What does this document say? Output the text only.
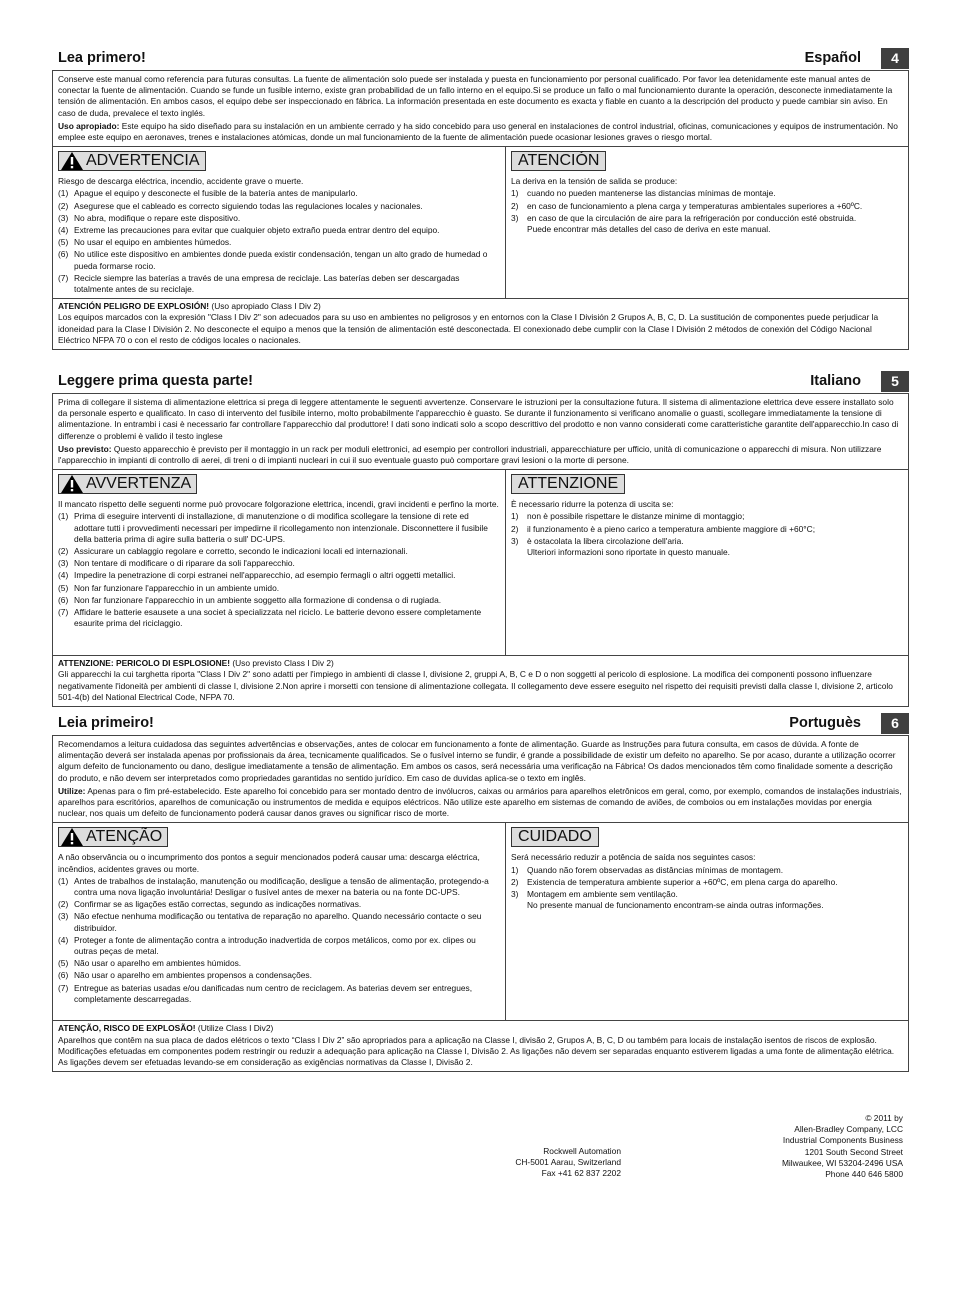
Lea primero!	Español	4

Conserve este manual como referencia para futuras consultas. La fuente de alimentación solo puede ser instalada y puesta en funcionamiento por personal cualificado. Por favor lea detenidamente este manual antes de conectar la fuente de alimentación. Cuando se funde un fusible interno, existe gran probabilidad de un fallo interno en el equipo.Si se produce un fallo o mal funcionamiento durante la operación, desconecte inmediatamente la tensión de alimentación. En ambos casos, el equipo debe ser inspeccionado en fábrica. La información presentada en este documento es exacta y fiable en cuanto a la descripción del producto y puede cambiar sin aviso. En caso de duda, prevalece el texto inglés.

Uso apropiado: Este equipo ha sido diseñado para su instalación en un ambiente cerrado y ha sido concebido para uso general en instalaciones de control industrial, oficinas, comunicaciones y equipos de instrumentación. No emplee este equipo en aeronaves, trenes e instalaciones atómicas, donde un mal funcionamiento de la fuente de alimentación puede ocasionar lesiones graves o riesgo mortal.

ADVERTENCIA

Riesgo de descarga eléctrica, incendio, accidente grave o muerte.

(1) Apague el equipo y desconecte el fusible de la batería antes de manipularlo.
(2) Asegurese que el cableado es correcto siguiendo todas las regulaciones locales y nacionales.
(3) No abra, modifique o repare este dispositivo.
(4) Extreme las precauciones para evitar que cualquier objeto extraño pueda entrar dentro del equipo.
(5) No usar el equipo en ambientes húmedos.
(6) No utilice este dispositivo en ambientes donde pueda existir condensación, tengan un alto grado de humedad o pueda formarse rocio.
(7) Recicle siempre las baterías a través de una empresa de reciclaje. Las baterías deben ser descargadas totalmente antes de su reciclaje.
ATENCIÓN

La deriva en la tensión de salida se produce:

1)	cuando no pueden mantenerse las distancias mínimas de montaje.
2)	en caso de funcionamiento a plena carga y temperaturas ambientales superiores a +60ºC.
3)	en caso de que la circulación de aire para la refrigeración por conducción esté obstruida.

Puede encontrar más detalles del caso de deriva en este manual.

ATENCIÓN PELIGRO DE EXPLOSIÓN! (Uso apropiado Class I Div 2)
Los equipos marcados con la expresión "Class I Div 2" son adecuados para su uso en ambientes no peligrosos y en entornos con la Clase I División 2 Grupos A, B, C, D. La sustitución de componentes puede perjudicar la idoneidad para la Clase I División 2. No desconecte el equipo a menos que la tensión de alimentación esté desconectada. El conexionado debe cumplir con la Clase I División 2 métodos de conexión del Código Nacional Eléctrico NFPA 70 o con el resto de códigos locales o nacionales.
Leggere prima questa parte!	Italiano	5

Prima di collegare il sistema di alimentazione elettrica si prega di leggere attentamente le seguenti avvertenze. Conservare le istruzioni per la consultazione futura. Il sistema di alimentazione elettrica deve essere installato solo da personale esperto e qualificato. In caso di intervento del fusibile interno, molto probabilmente l'apparecchio è guasto. Se durante il funzionamento si verificano anomalie o guasti, scollegare immediatamente la tensione di alimentazione. In entrambi i casi è necessario far controllare l'apparecchio dal produttore! I dati sono indicati solo a scopo descrittivo del prodotto e non vanno considerati come caratteristiche garantite dell'apparecchio.In caso di differenze o problemi è valido il testo inglese

Uso previsto: Questo apparecchio è previsto per il montaggio in un rack per moduli elettronici, ad esempio per controllori industriali, apparecchiature per ufficio, unità di comunicazione o apparecchi di misura. Non utilizzare l'apparecchio in impianti di controllo di aerei, di treni o di impianti nucleari in cui il suo eventuale guasto può comportare gravi lesioni o la morte di persone.

AVVERTENZA

Il mancato rispetto delle seguenti norme può provocare folgorazione elettrica, incendi, gravi incidenti e perfino la morte.

(1) Prima di eseguire interventi di installazione, di manutenzione o di modifica scollegare la tensione di rete ed adottare tutti i provvedimenti necessari per impedirne il ricollegamento non intenzionale. Disconnettere il fusibile della batteria prima di agire sulla batteria o sull' DC-UPS.
(2) Assicurare un cablaggio regolare e corretto, secondo le indicazioni locali ed internazionali.
(3) Non tentare di modificare o di riparare da soli l'apparecchio.
(4) Impedire la penetrazione di corpi estranei nell'apparecchio, ad esempio fermagli o altri oggetti metallici.
(5) Non far funzionare l'apparecchio in un ambiente umido.
(6) Non far funzionare l'apparecchio in un ambiente soggetto alla formazione di condensa o di rugiada.
(7) Affidare le batterie esausete a una societ à specializzata nel riciclo. Le batterie devono essere completamente esaurite prima del riciclaggio.
ATTENZIONE

È necessario ridurre la potenza di uscita se:

1)	non è possibile rispettare le distanze minime di montaggio;
2)	il funzionamento è a pieno carico a temperatura ambiente maggiore di +60°C;
3)	è ostacolata la libera circolazione dell'aria.

Ulteriori informazioni sono riportate in questo manuale.

ATTENZIONE: PERICOLO DI ESPLOSIONE! (Uso previsto Class I Div 2)
Gli apparecchi la cui targhetta riporta "Class I Div 2" sono adatti per l'impiego in ambienti di classe I, divisione 2, gruppi A, B, C e D o non soggetti al pericolo di esplosione. La modifica dei componenti possono influenzare negativamente l'idoneità per ambienti di classe I, divisione 2.Non aprire i morsetti con tensione di alimentazione collegata. Il collegamento deve essere eseguito nel rispetto dei requisiti previsti dalla classe I, divisione 2, articolo 501-4(b) del National Electrical Code, NFPA 70.
Leia primeiro!	Portuguès	6

Recomendamos a leitura cuidadosa das seguintes advertências e observações, antes de colocar em funcionamento a fonte de alimentação. Guarde as Instruções para futura consulta, em casos de dúvida. A fonte de alimentação deverá ser instalada apenas por profissionais da área, tecnicamente qualificados. Se o fusível interno se fundir, é grande a possibilidade de existir um defeito no aparelho. Se por acaso, durante a utilização ocorrer algum defeito de funcionamento ou dano, desligue imediatamente a tensão de alimentação. Em ambos os casos, será necessária uma verificação na Fábrica! Os dados mencionados têm como finalidade somente a descrição do produto, e não devem ser interpretados como propriedades garantidas no sentido jurídico. Em caso de duvidas aplica-se o texto em inglês.

Utilize: Apenas para o fim pré-estabelecido. Este aparelho foi concebido para ser montado dentro de invólucros, caixas ou armários para aparelhos eletrônicos em geral, como, por exemplo, comandos de instalações industriais, aparelhos para escritórios, aparelhos de comunicação ou instrumentos de medida e equipos eléctricos. Não utilize este aparelho em sistemas de comando de aviões, de comboios ou em instalações movidas por energia nuclear, nos quais um defeito de funcionamento poderá causar danos graves ou significar risco de morte.

ATENÇÃO

A não observância ou o incumprimento dos pontos a seguir mencionados poderá causar uma: descarga eléctrica, incêndios, acidentes graves ou morte.

(1) Antes de trabalhos de instalação, manutenção ou modificação, desligue a tensão de alimentação, protegendo-a contra uma nova ligação involuntária! Desligar o fusível antes de mexer na bateria ou na fonte DC-UPS.
(2) Confirmar se as ligações estão correctas, segundo as indicações normativas.
(3) Não efectue nenhuma modificação ou tentativa de reparação no aparelho. Quando necessário contacte o seu distribuidor.
(4) Proteger a fonte de alimentação contra a introdução inadvertida de corpos metálicos, como por ex. clipes ou outras peças de metal.
(5) Não usar o aparelho em ambientes húmidos.
(6) Não usar o aparelho em ambientes propensos a condensações.
(7) Entregue as baterias usadas e/ou danificadas num centro de reciclagem. As baterias devem ser entregues, completamente descarregadas.
CUIDADO

Será necessário reduzir a potência de saída nos seguintes casos:

1)	Quando não forem observadas as distâncias mínimas de montagem.
2)	Existencia de temperatura ambiente superior a +60ºC, em plena carga do aparelho.
3)	Montagem em ambiente sem ventilação.

No presente manual de funcionamento encontram-se ainda outras informações.

ATENÇÃO, RISCO DE EXPLOSÃO! (Utilize Class I Div2)
Aparelhos que contêm na sua placa de dados elétricos o texto “Class I Div 2” são apropriados para a aplicação na Classe I, divisão 2, Grupos A, B, C, D ou também para locais de instalação isentos de riscos de explosão. Modificações efetuadas em componentes podem restringir ou reduzir a adequação para aplicação na Classe I, Divisão 2. As ligações não devem ser separadas enquanto estiverem ligadas a uma fonte de alimentação elétrica. As ligações devem ser efetuadas levando-se em consideração as exigências normativas da Classe I, Divisão 2.
Rockwell Automation
CH-5001 Aarau, Switzerland
Fax +41 62 837 2202
© 2011 by
Allen-Bradley Company, LCC
Industrial Components Business
1201 South Second Street
Milwaukee, WI 53204-2496 USA
Phone 440 646 5800
